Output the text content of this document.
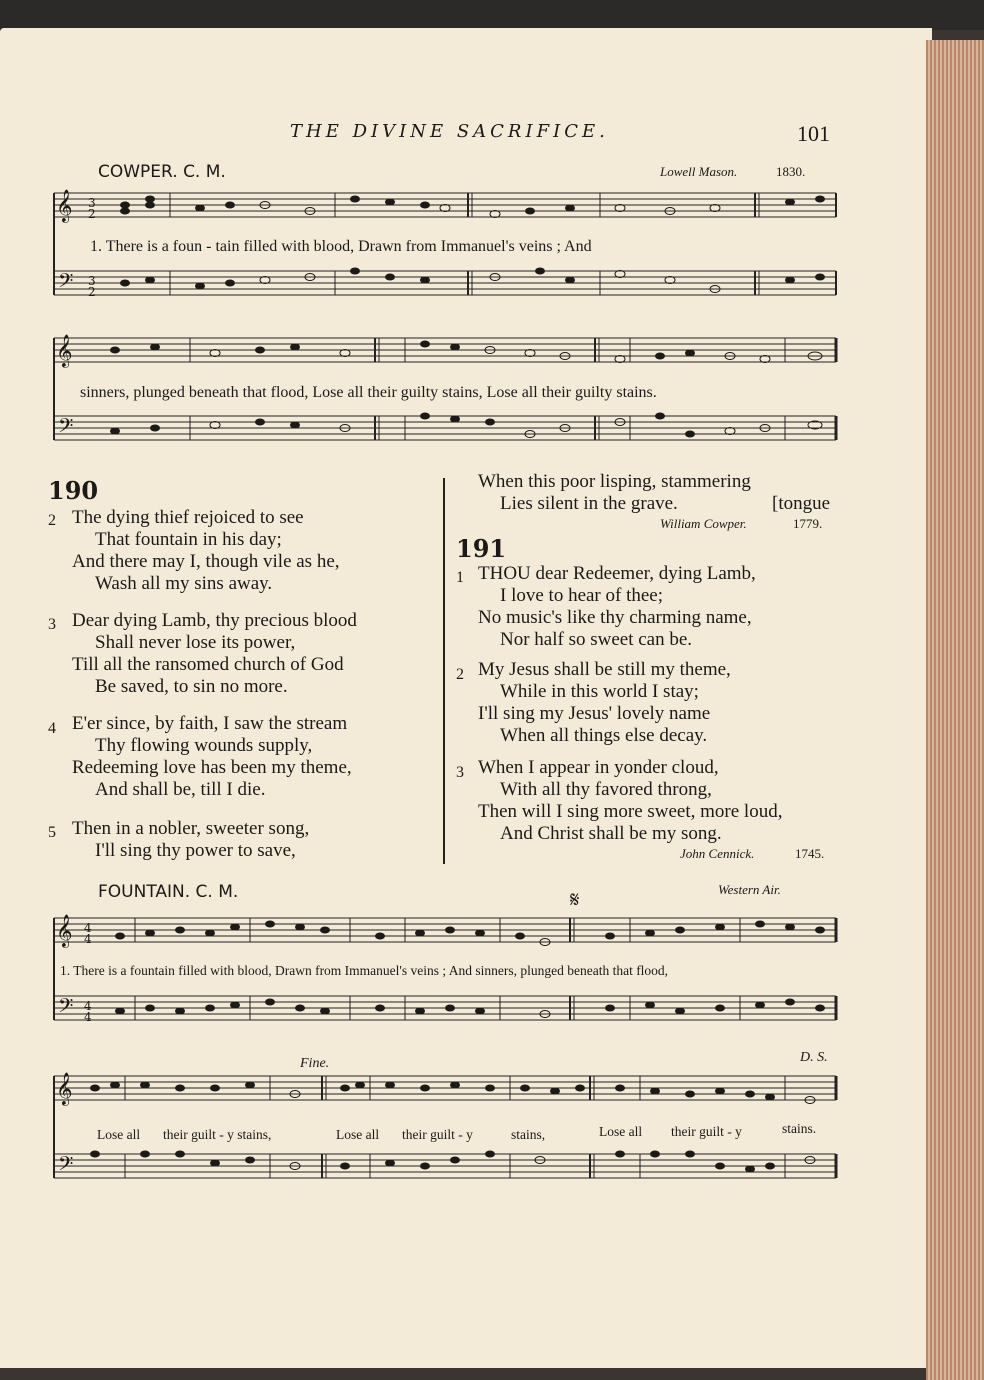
THE DIVINE SACRIFICE.	101
COWPER. C. M.	Lowell Mason.	1830.
𝄞 3
2
𝄢 3
2
1. There is a foun - tain filled with blood, Drawn from Immanuel's veins ; And
𝄞
𝄢
sinners, plunged beneath that flood, Lose all their guilty stains, Lose all their guilty stains.
190
2 The dying thief rejoiced to see
That fountain in his day;
And there may I, though vile as he,
Wash all my sins away.
3 Dear dying Lamb, thy precious blood
Shall never lose its power,
Till all the ransomed church of God
Be saved, to sin no more.
4 E'er since, by faith, I saw the stream
Thy flowing wounds supply,
Redeeming love has been my theme,
And shall be, till I die.
5 Then in a nobler, sweeter song,
I'll sing thy power to save,
When this poor lisping, stammering
Lies silent in the grave.	[tongue
William Cowper.	1779.
191
1 THOU dear Redeemer, dying Lamb,
I love to hear of thee;
No music's like thy charming name,
Nor half so sweet can be.
2 My Jesus shall be still my theme,
While in this world I stay;
I'll sing my Jesus' lovely name
When all things else decay.
3 When I appear in yonder cloud,
With all thy favored throng,
Then will I sing more sweet, more loud,
And Christ shall be my song.
John Cennick.	1745.
FOUNTAIN. C. M.	Western Air.
𝄋
𝄞 4
4
𝄢 4
4
1. There is a fountain filled with blood, Drawn from Immanuel's veins ; And sinners, plunged beneath that flood,
Fine.	D. S.
𝄞
𝄢
Lose all their guilt - y stains,	Lose all their guilt - y	stains,	Lose all their guilt - y	stains.
